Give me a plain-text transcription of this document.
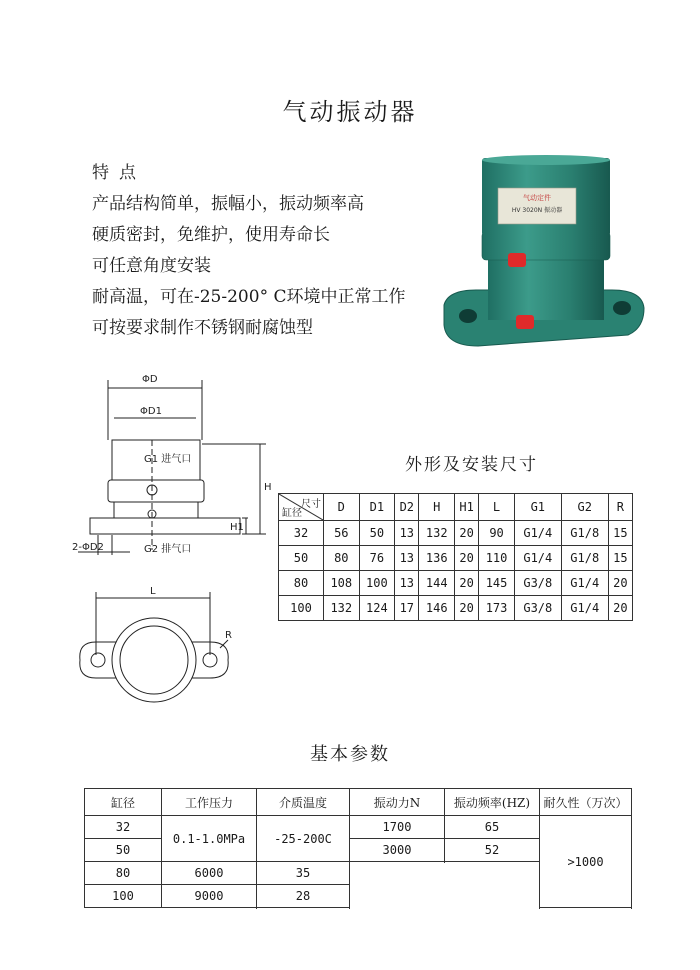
气动振动器
特点
产品结构简单，振幅小，振动频率高
硬质密封，免维护，使用寿命长
可任意角度安装
耐高温，可在-25-200° C环境中正常工作
可按要求制作不锈钢耐腐蚀型
气动定件
HV 3020N 振动器
ΦD
ΦD1
G1 进气口
H
H1
2-ΦD2	G2 排气口
L
R
外形及安装尺寸
尺寸
缸径	D	D1	D2	H	H1	L	G1	G2	R
32	56	50	13	132	20	90	G1/4	G1/8	15
50	80	76	13	136	20	110	G1/4	G1/8	15
80	108	100	13	144	20	145	G3/8	G1/4	20
100	132	124	17	146	20	173	G3/8	G1/4	20
基本参数
缸径	工作压力	介质温度	振动力N	振动频率(HZ)	耐久性（万次）
32	0.1-1.0MPa	-25-200C	1700	65	>1000

50			3000	52	

80	6000	35			

100	9000	28			
